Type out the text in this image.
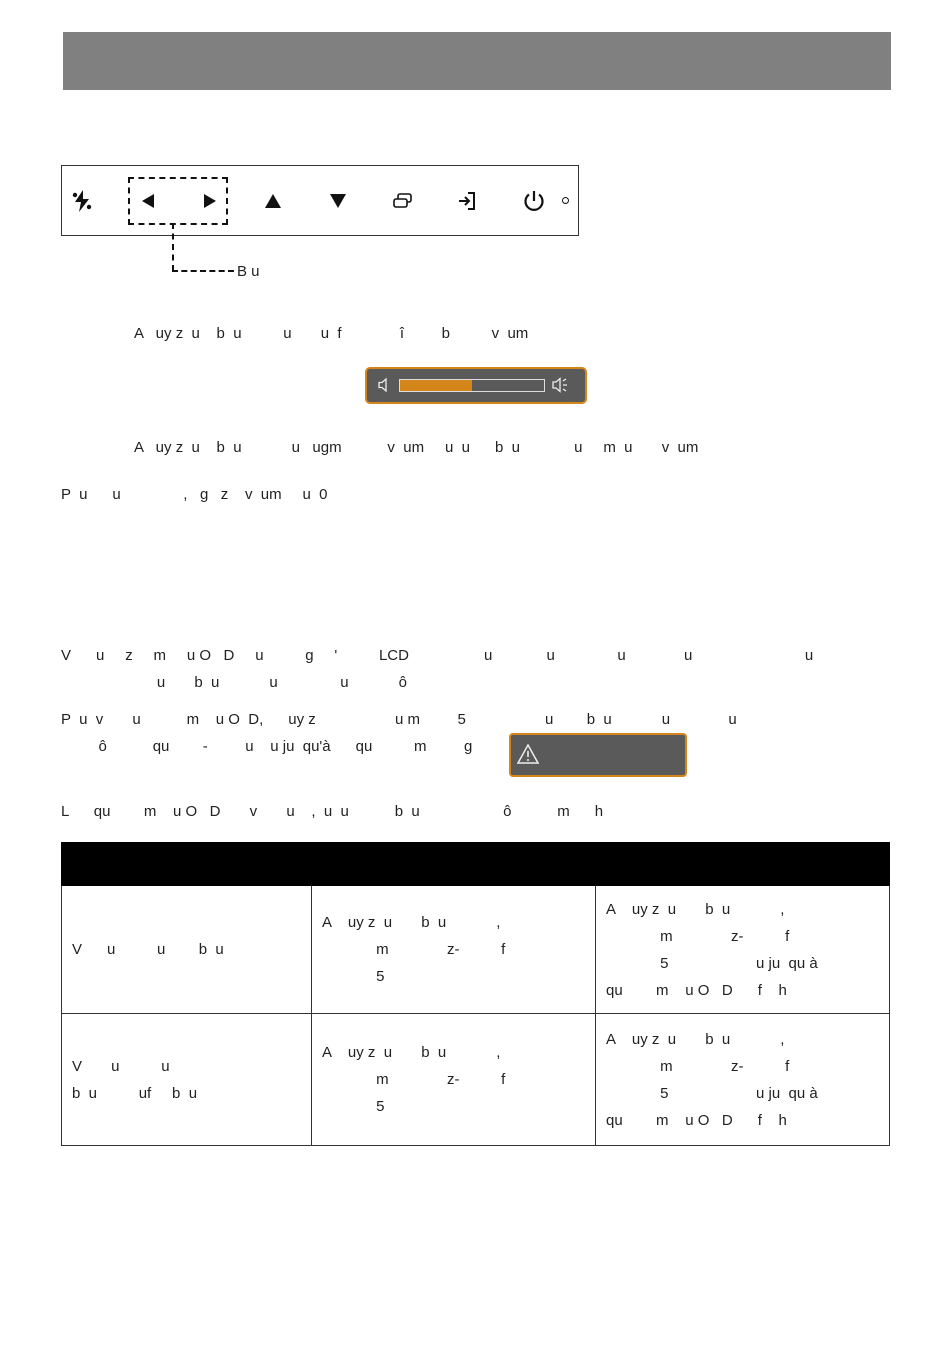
B u
A   uy z  u    b  u          u       u  f              î         b          v  um

A   uy z  u    b  u            u   ugm           v  um     u  u      b  u             u     m  u       v  um
P  u      u               ,   g   z    v  um     u  0
V      u     z     m     u O   D     u          g     '          LCD                  u             u               u              u                           u
u       b  u            u               u            ô
P  u  v       u           m    u O  D,      uy z                   u m         5                   u        b  u            u              u
ô           qu        -         u    u ju  qu'à      qu          m         g

L      qu        m    u O   D       v       u    ,  u  u           b  u                    ô           m      h

V      u          u        b  u	A    uy z  u       b  u            ,
m              z-          f
5	A    uy z  u       b  u            ,
m              z-          f
5                     u ju  qu à
qu        m    u O   D      f    h

V       u          u
b  u          uf     b  u	A    uy z  u       b  u            ,
m              z-          f
5	A    uy z  u       b  u            ,
m              z-          f
5                     u ju  qu à
qu        m    u O   D      f    h
